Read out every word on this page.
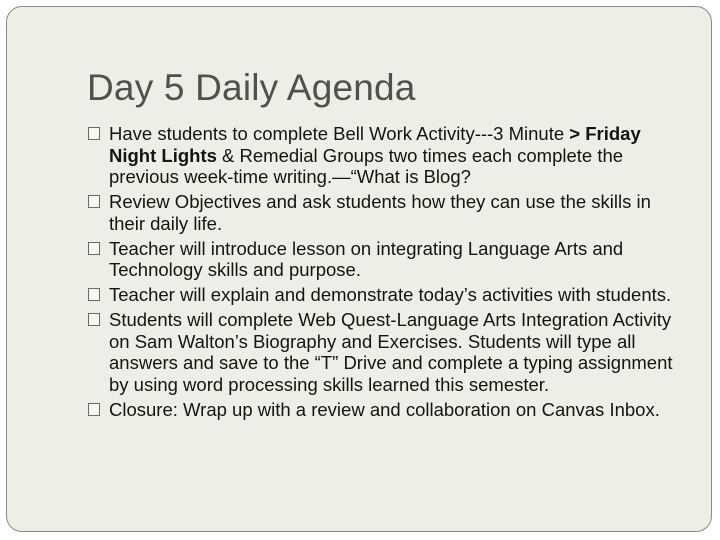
Day 5 Daily Agenda
Have students to complete Bell Work Activity---3 Minute > Friday Night Lights & Remedial Groups two times each complete the previous week-time writing.—“What is Blog?
Review Objectives and ask students how they can use the skills in their daily life.
Teacher will introduce lesson on integrating Language Arts and Technology skills and purpose.
Teacher will explain and demonstrate today’s activities with students.
Students will complete Web Quest-Language Arts Integration Activity on Sam Walton’s Biography and Exercises. Students will type all answers and save to the “T” Drive and complete a typing assignment by using word processing skills learned this semester.
Closure: Wrap up with a review and collaboration on Canvas Inbox.
